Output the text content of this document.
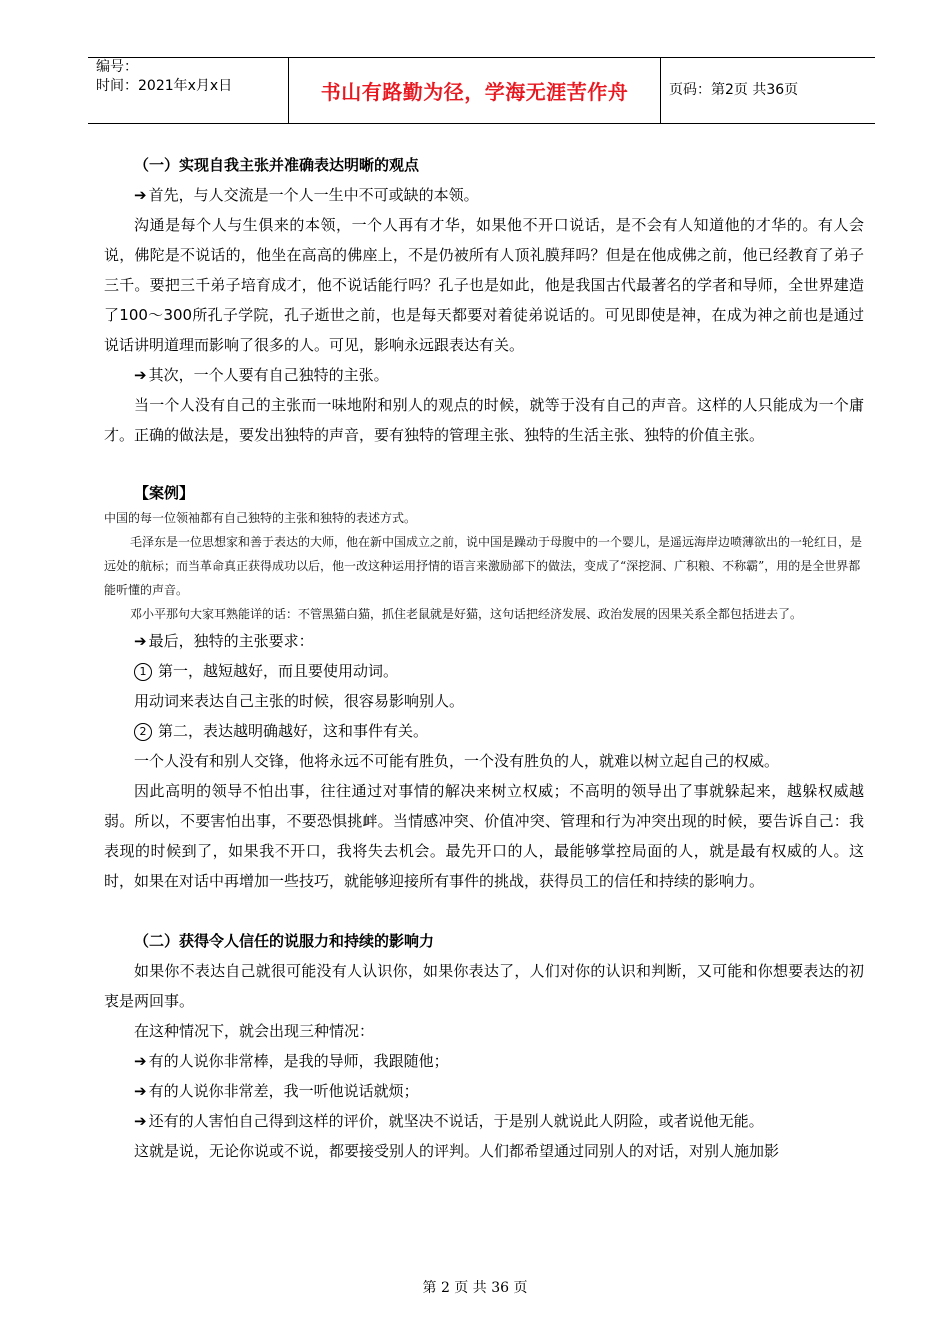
编号：
时间：2021年x月x日	书山有路勤为径，学海无涯苦作舟	页码：第2页 共36页

（一）实现自我主张并准确表达明晰的观点

➔ 首先，与人交流是一个人一生中不可或缺的本领。

沟通是每个人与生俱来的本领，一个人再有才华，如果他不开口说话，是不会有人知道他的才华的。有人会说，佛陀是不说话的，他坐在高高的佛座上，不是仍被所有人顶礼膜拜吗？但是在他成佛之前，他已经教育了弟子三千。要把三千弟子培育成才，他不说话能行吗？孔子也是如此，他是我国古代最著名的学者和导师，全世界建造了100～300所孔子学院，孔子逝世之前，也是每天都要对着徒弟说话的。可见即使是神，在成为神之前也是通过说话讲明道理而影响了很多的人。可见，影响永远跟表达有关。

➔ 其次，一个人要有自己独特的主张。

当一个人没有自己的主张而一味地附和别人的观点的时候，就等于没有自己的声音。这样的人只能成为一个庸才。正确的做法是，要发出独特的声音，要有独特的管理主张、独特的生活主张、独特的价值主张。

【案例】

中国的每一位领袖都有自己独特的主张和独特的表述方式。

毛泽东是一位思想家和善于表达的大师，他在新中国成立之前，说中国是躁动于母腹中的一个婴儿，是遥远海岸边喷薄欲出的一轮红日，是远处的航标；而当革命真正获得成功以后，他一改这种运用抒情的语言来激励部下的做法，变成了“深挖洞、广积粮、不称霸”，用的是全世界都能听懂的声音。

邓小平那句大家耳熟能详的话：不管黑猫白猫，抓住老鼠就是好猫，这句话把经济发展、政治发展的因果关系全都包括进去了。

➔ 最后，独特的主张要求：

1 第一，越短越好，而且要使用动词。

用动词来表达自己主张的时候，很容易影响别人。

2 第二，表达越明确越好，这和事件有关。

一个人没有和别人交锋，他将永远不可能有胜负，一个没有胜负的人，就难以树立起自己的权威。

因此高明的领导不怕出事，往往通过对事情的解决来树立权威；不高明的领导出了事就躲起来，越躲权威越弱。所以，不要害怕出事，不要恐惧挑衅。当情感冲突、价值冲突、管理和行为冲突出现的时候，要告诉自己：我表现的时候到了，如果我不开口，我将失去机会。最先开口的人，最能够掌控局面的人，就是最有权威的人。这时，如果在对话中再增加一些技巧，就能够迎接所有事件的挑战，获得员工的信任和持续的影响力。

（二）获得令人信任的说服力和持续的影响力

如果你不表达自己就很可能没有人认识你，如果你表达了，人们对你的认识和判断，又可能和你想要表达的初衷是两回事。

在这种情况下，就会出现三种情况：

➔ 有的人说你非常棒，是我的导师，我跟随他；

➔ 有的人说你非常差，我一听他说话就烦；

➔ 还有的人害怕自己得到这样的评价，就坚决不说话，于是别人就说此人阴险，或者说他无能。

这就是说，无论你说或不说，都要接受别人的评判。人们都希望通过同别人的对话，对别人施加影

第 2 页 共 36 页
